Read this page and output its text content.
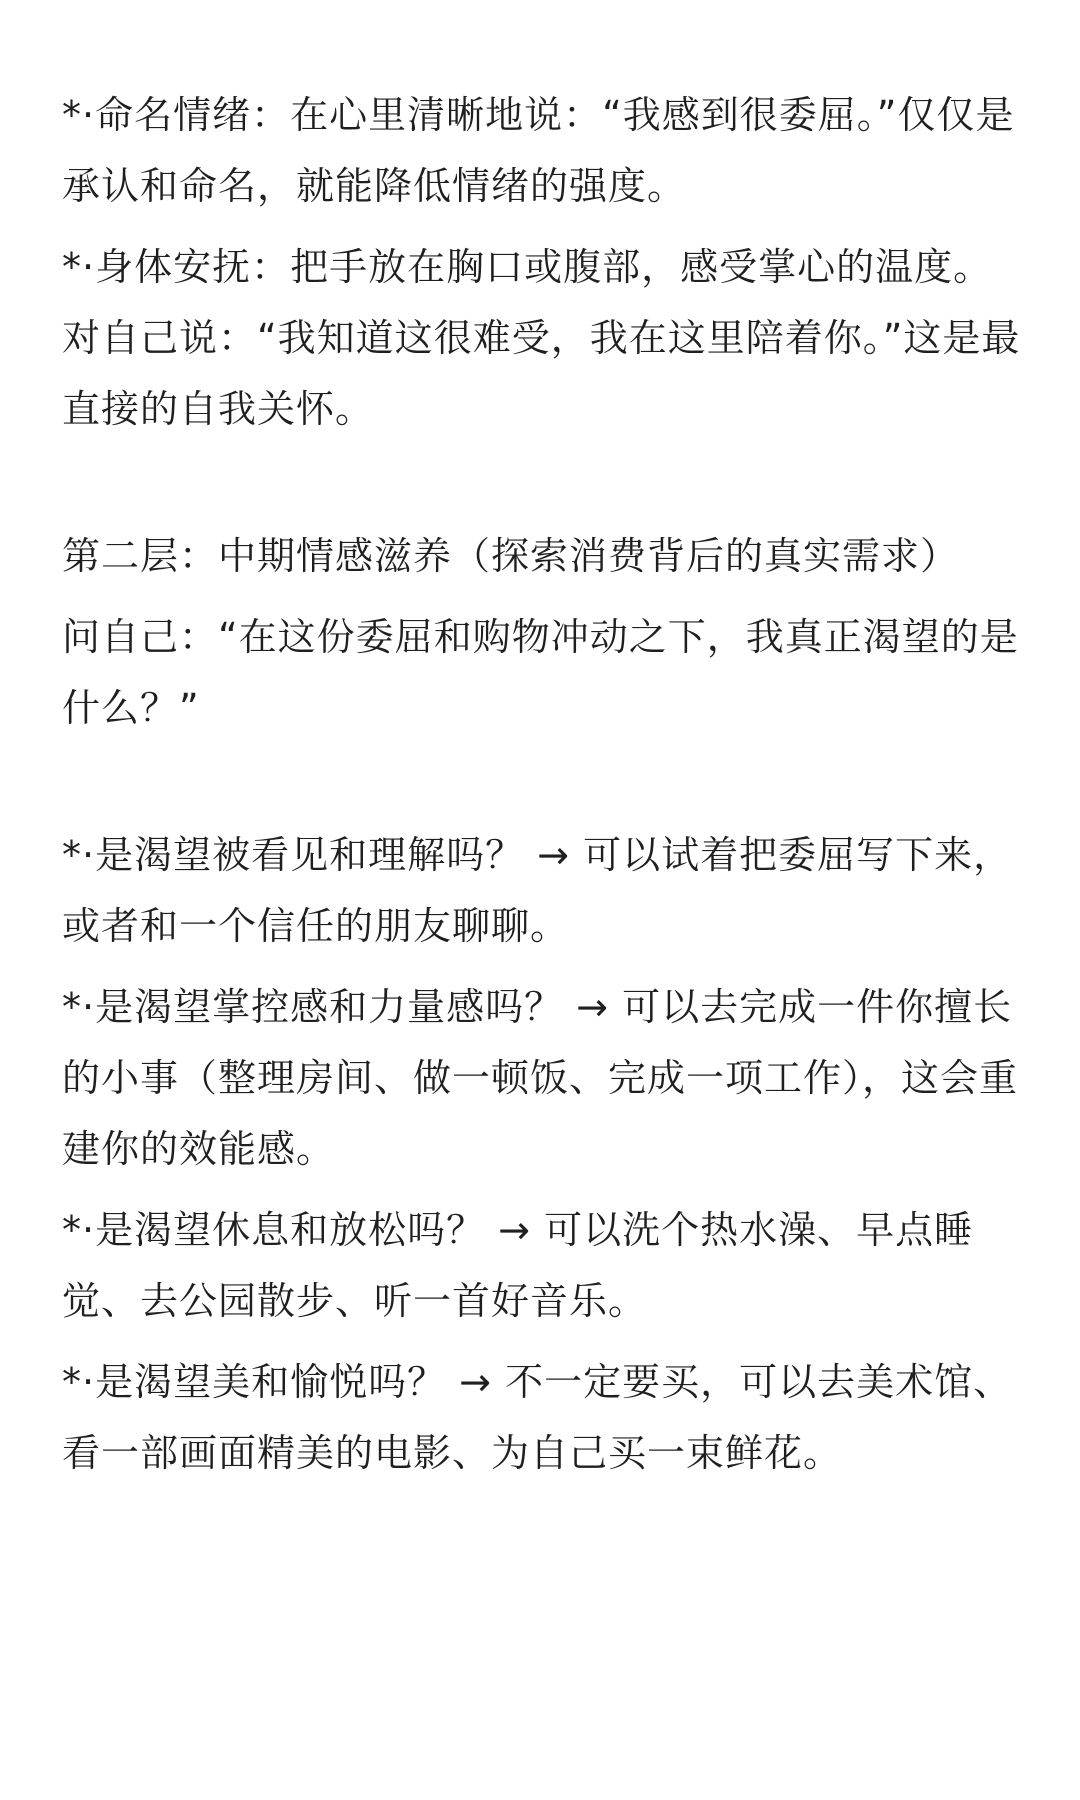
*·命名情绪：在心里清晰地说：“我感到很委屈。”仅仅是承认和命名，就能降低情绪的强度。

*·身体安抚：把手放在胸口或腹部，感受掌心的温度。对自己说：“我知道这很难受，我在这里陪着你。”这是最直接的自我关怀。

第二层：中期情感滋养（探索消费背后的真实需求）

问自己：“在这份委屈和购物冲动之下，我真正渴望的是什么？”

*·是渴望被看见和理解吗？ → 可以试着把委屈写下来，或者和一个信任的朋友聊聊。

*·是渴望掌控感和力量感吗？ → 可以去完成一件你擅长的小事（整理房间、做一顿饭、完成一项工作），这会重建你的效能感。

*·是渴望休息和放松吗？ → 可以洗个热水澡、早点睡觉、去公园散步、听一首好音乐。

*·是渴望美和愉悦吗？ → 不一定要买，可以去美术馆、看一部画面精美的电影、为自己买一束鲜花。
